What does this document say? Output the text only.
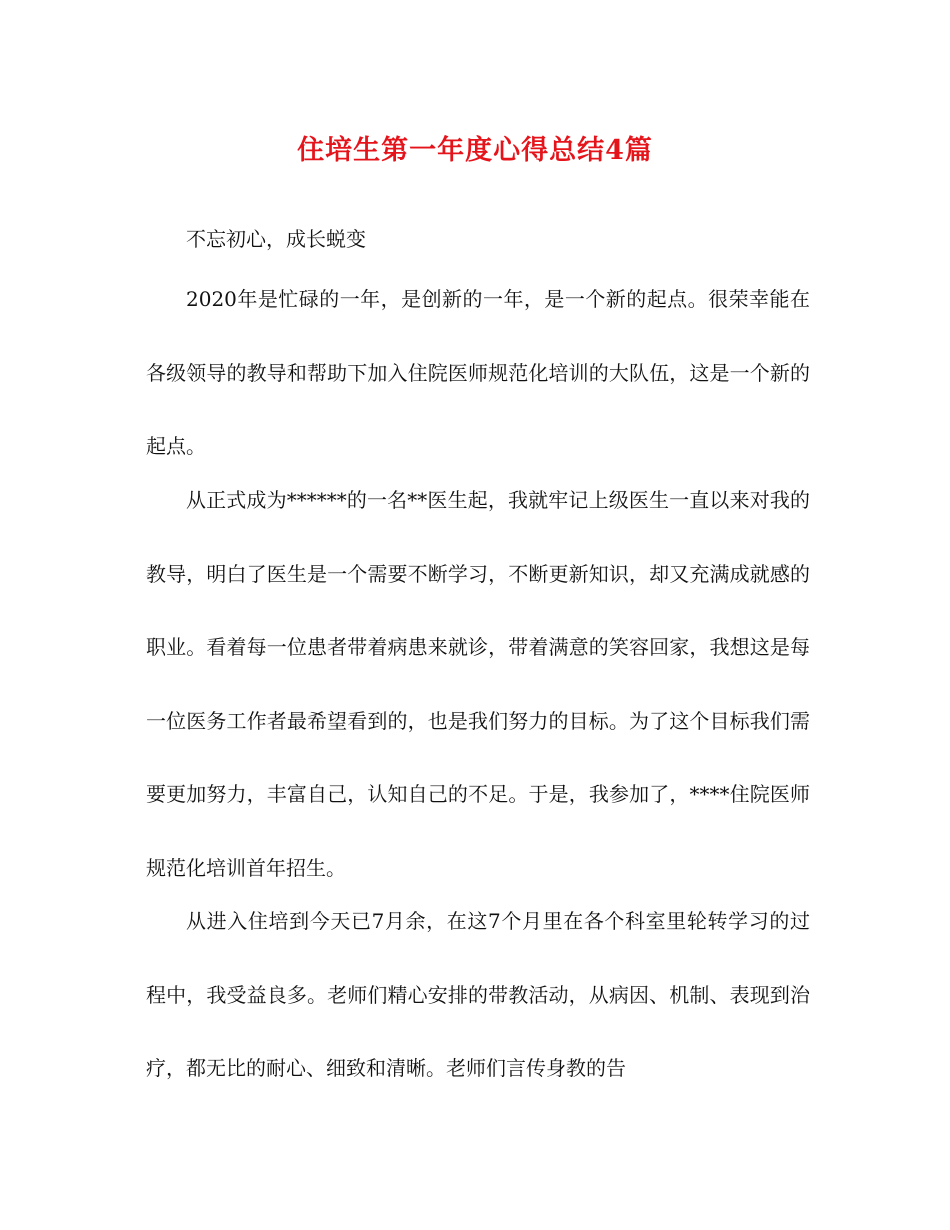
住培生第一年度心得总结4篇
不忘初心，成长蜕变

2020年是忙碌的一年，是创新的一年，是一个新的起点。很荣幸能在各级领导的教导和帮助下加入住院医师规范化培训的大队伍，这是一个新的起点。

从正式成为******的一名**医生起，我就牢记上级医生一直以来对我的教导，明白了医生是一个需要不断学习，不断更新知识，却又充满成就感的职业。看着每一位患者带着病患来就诊，带着满意的笑容回家，我想这是每一位医务工作者最希望看到的，也是我们努力的目标。为了这个目标我们需要更加努力，丰富自己，认知自己的不足。于是，我参加了，****住院医师规范化培训首年招生。

从进入住培到今天已7月余，在这7个月里在各个科室里轮转学习的过程中，我受益良多。老师们精心安排的带教活动，从病因、机制、表现到治疗，都无比的耐心、细致和清晰。老师们言传身教的告
